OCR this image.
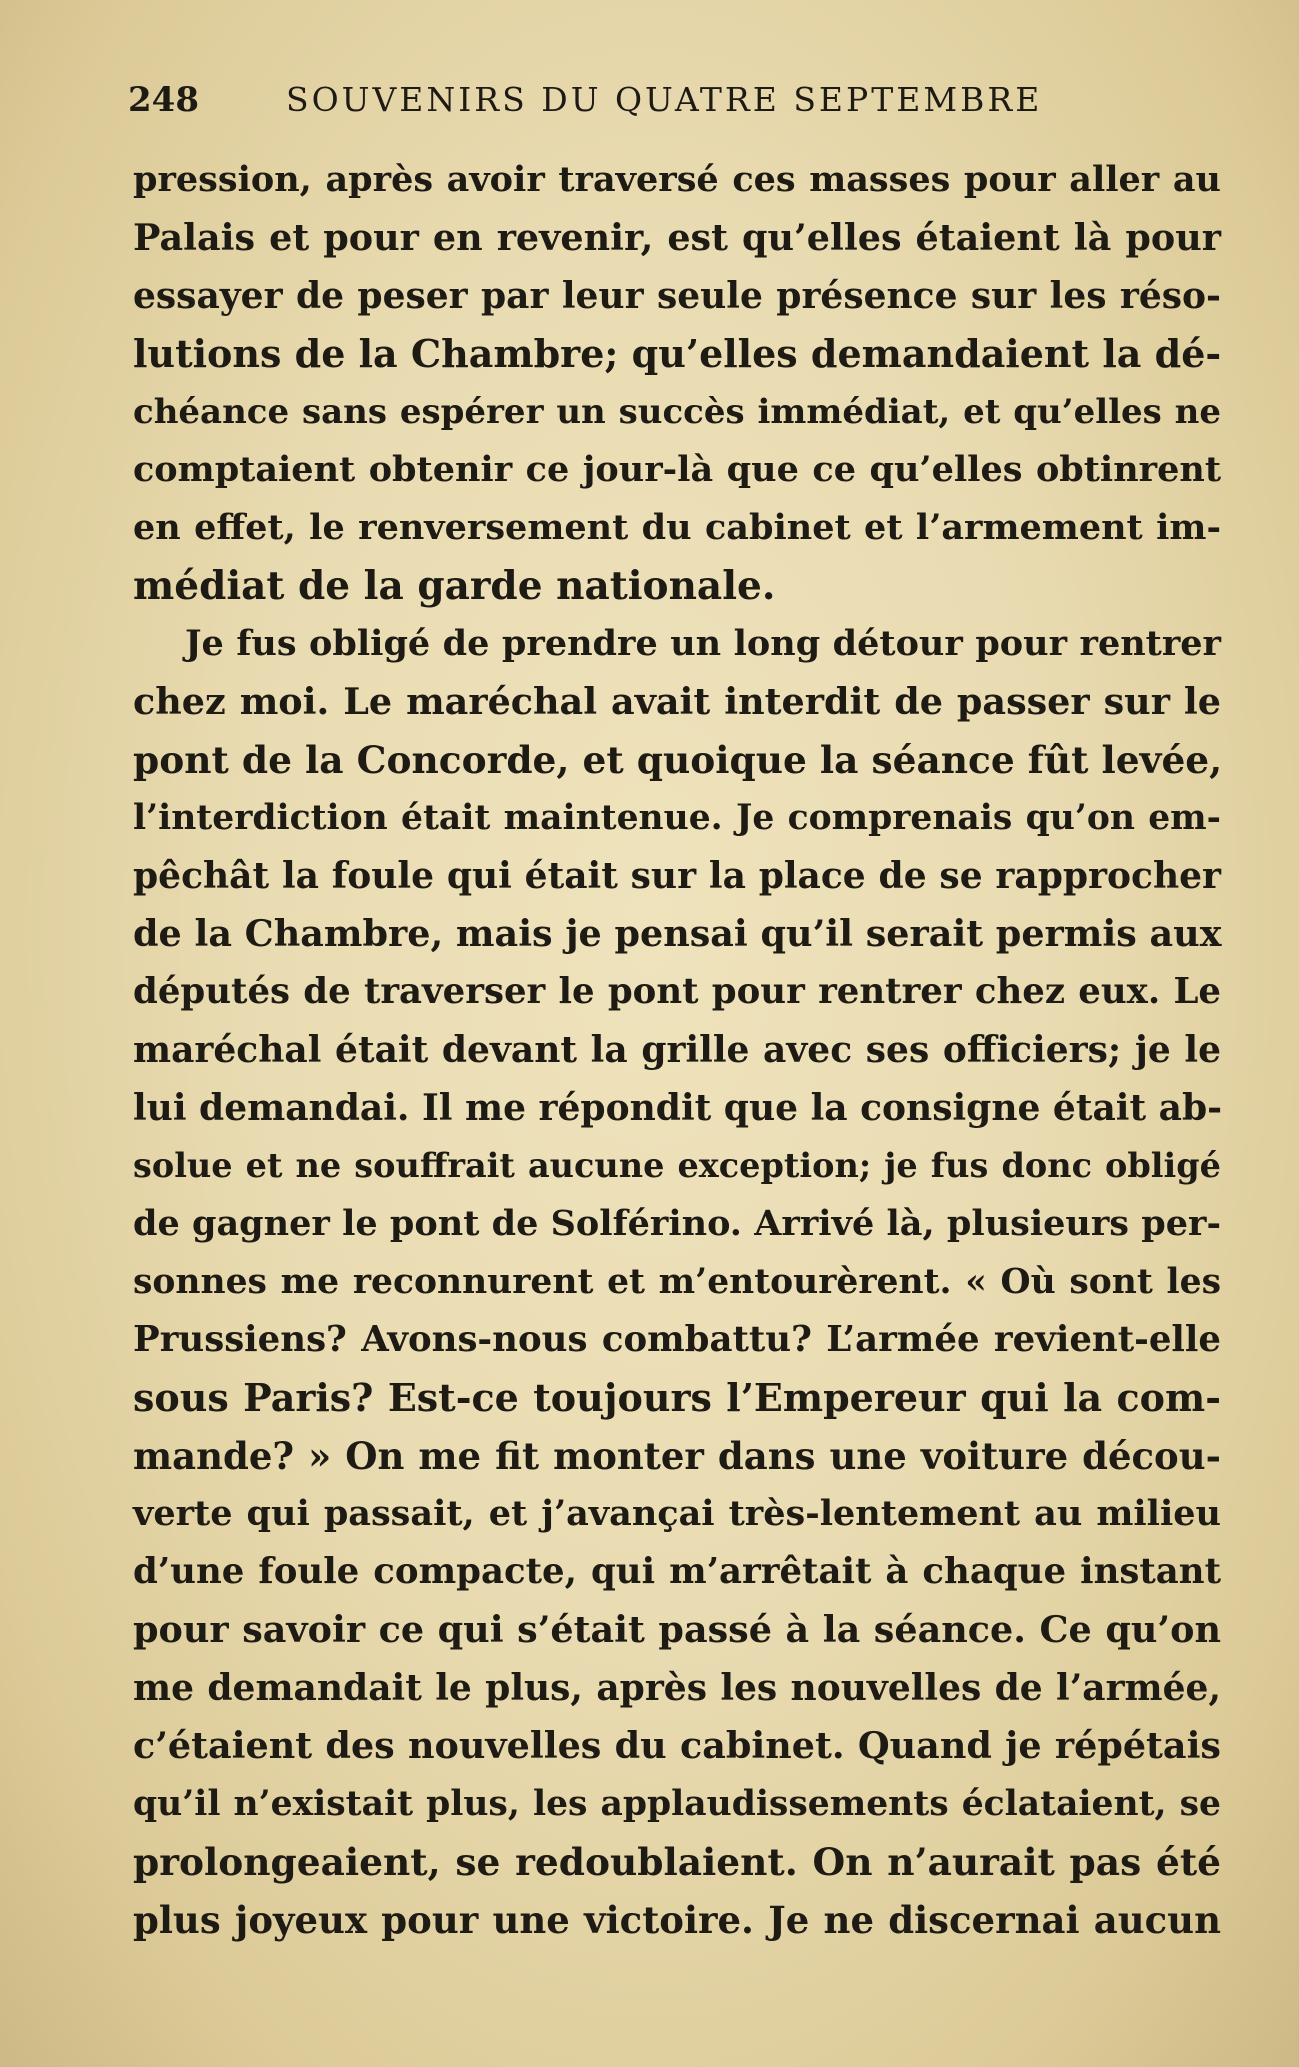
248	SOUVENIRS DU QUATRE SEPTEMBRE
pression, après avoir traversé ces masses pour aller au
Palais et pour en revenir, est qu’elles étaient là pour
essayer de peser par leur seule présence sur les réso-
lutions de la Chambre; qu’elles demandaient la dé-
chéance sans espérer un succès immédiat, et qu’elles ne
comptaient obtenir ce jour-là que ce qu’elles obtinrent
en effet, le renversement du cabinet et l’armement im-
médiat de la garde nationale.
Je fus obligé de prendre un long détour pour rentrer
chez moi. Le maréchal avait interdit de passer sur le
pont de la Concorde, et quoique la séance fût levée,
l’interdiction était maintenue. Je comprenais qu’on em-
pêchât la foule qui était sur la place de se rapprocher
de la Chambre, mais je pensai qu’il serait permis aux
députés de traverser le pont pour rentrer chez eux. Le
maréchal était devant la grille avec ses officiers; je le
lui demandai. Il me répondit que la consigne était ab-
solue et ne souffrait aucune exception; je fus donc obligé
de gagner le pont de Solférino. Arrivé là, plusieurs per-
sonnes me reconnurent et m’entourèrent. « Où sont les
Prussiens? Avons-nous combattu? L’armée revient-elle
sous Paris? Est-ce toujours l’Empereur qui la com-
mande? » On me fit monter dans une voiture décou-
verte qui passait, et j’avançai très-lentement au milieu
d’une foule compacte, qui m’arrêtait à chaque instant
pour savoir ce qui s’était passé à la séance. Ce qu’on
me demandait le plus, après les nouvelles de l’armée,
c’étaient des nouvelles du cabinet. Quand je répétais
qu’il n’existait plus, les applaudissements éclataient, se
prolongeaient, se redoublaient. On n’aurait pas été
plus joyeux pour une victoire. Je ne discernai aucun
